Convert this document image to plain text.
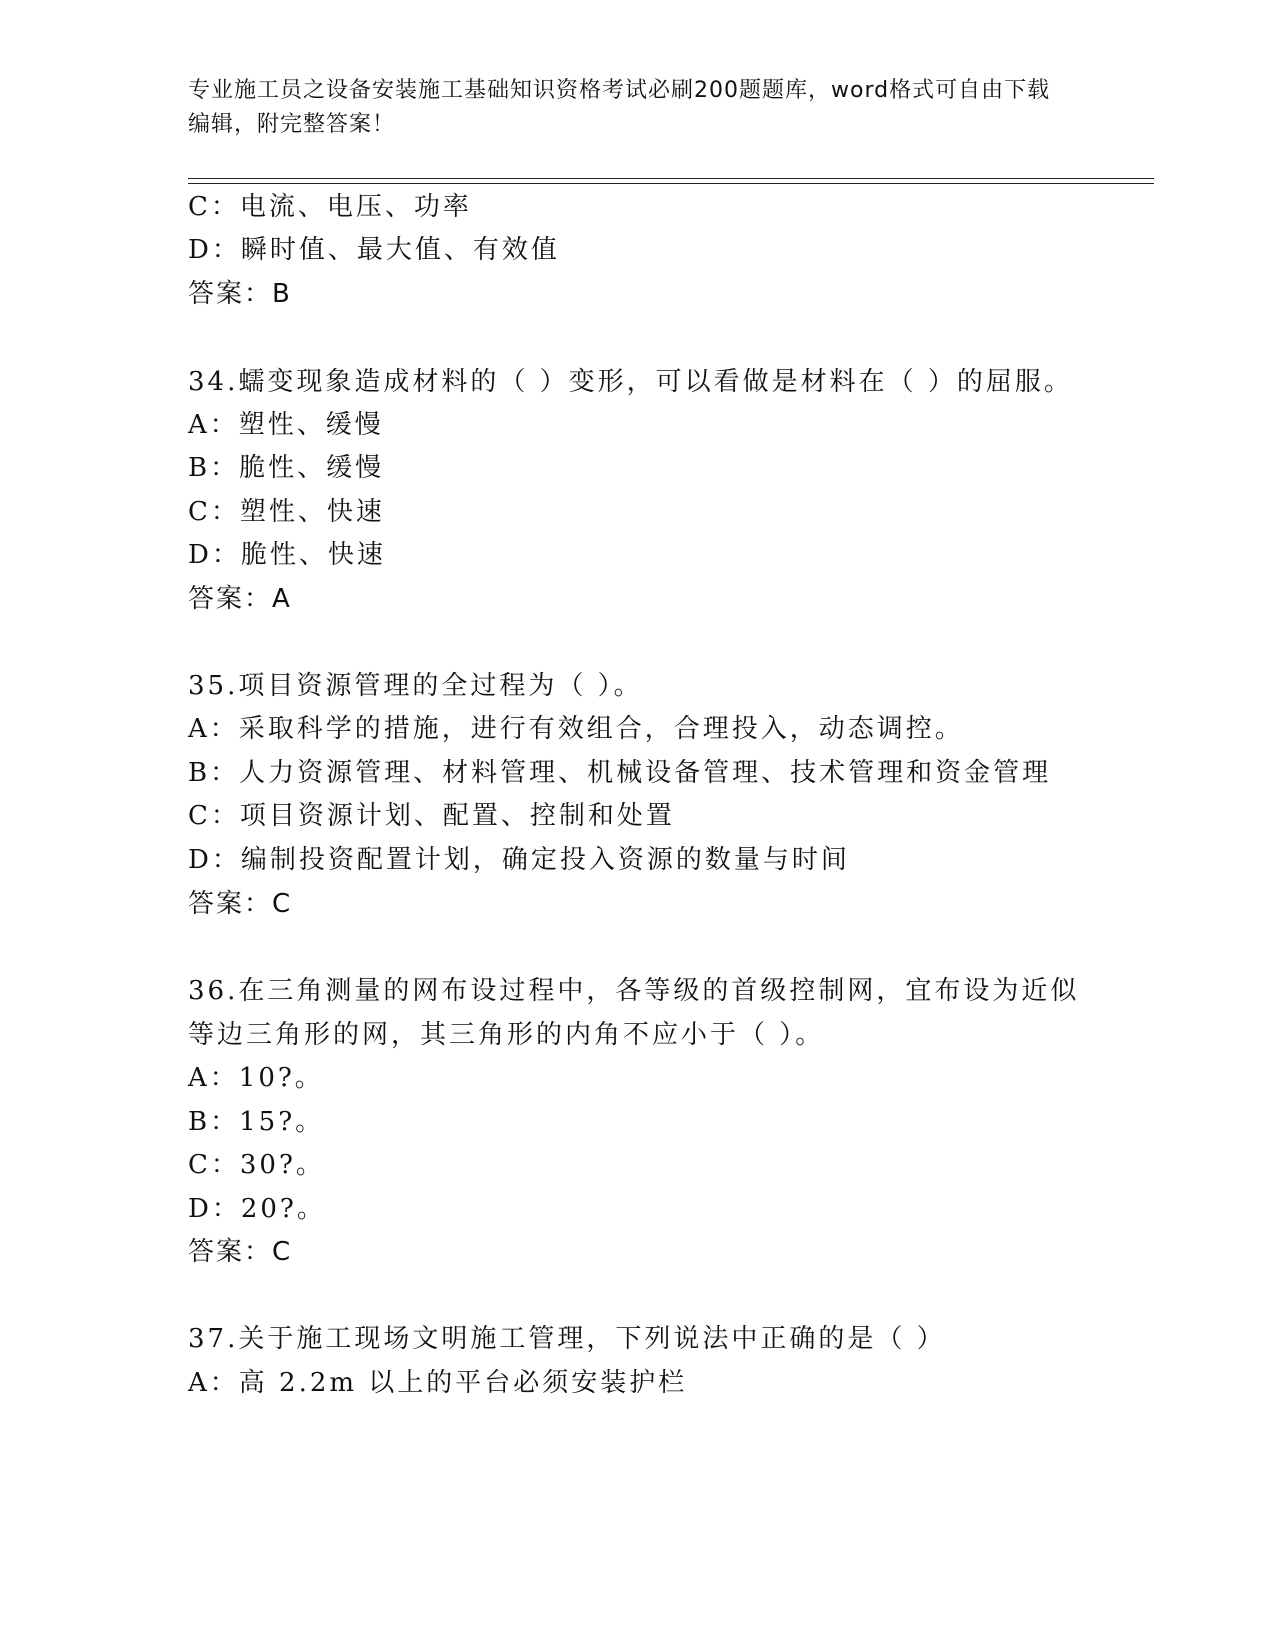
专业施工员之设备安装施工基础知识资格考试必刷200题题库，word格式可自由下载编辑，附完整答案！
C：电流、电压、功率
D：瞬时值、最大值、有效值
答案：B
34.蠕变现象造成材料的（ ）变形，可以看做是材料在（ ）的屈服。
A：塑性、缓慢
B：脆性、缓慢
C：塑性、快速
D：脆性、快速
答案：A
35.项目资源管理的全过程为（ ）。
A：采取科学的措施，进行有效组合，合理投入，动态调控。
B：人力资源管理、材料管理、机械设备管理、技术管理和资金管理
C：项目资源计划、配置、控制和处置
D：编制投资配置计划，确定投入资源的数量与时间
答案：C
36.在三角测量的网布设过程中，各等级的首级控制网，宜布设为近似
等边三角形的网，其三角形的内角不应小于（ ）。
A：10?。
B：15?。
C：30?。
D：20?。
答案：C
37.关于施工现场文明施工管理，下列说法中正确的是（ ）
A：高 2.2m 以上的平台必须安装护栏
